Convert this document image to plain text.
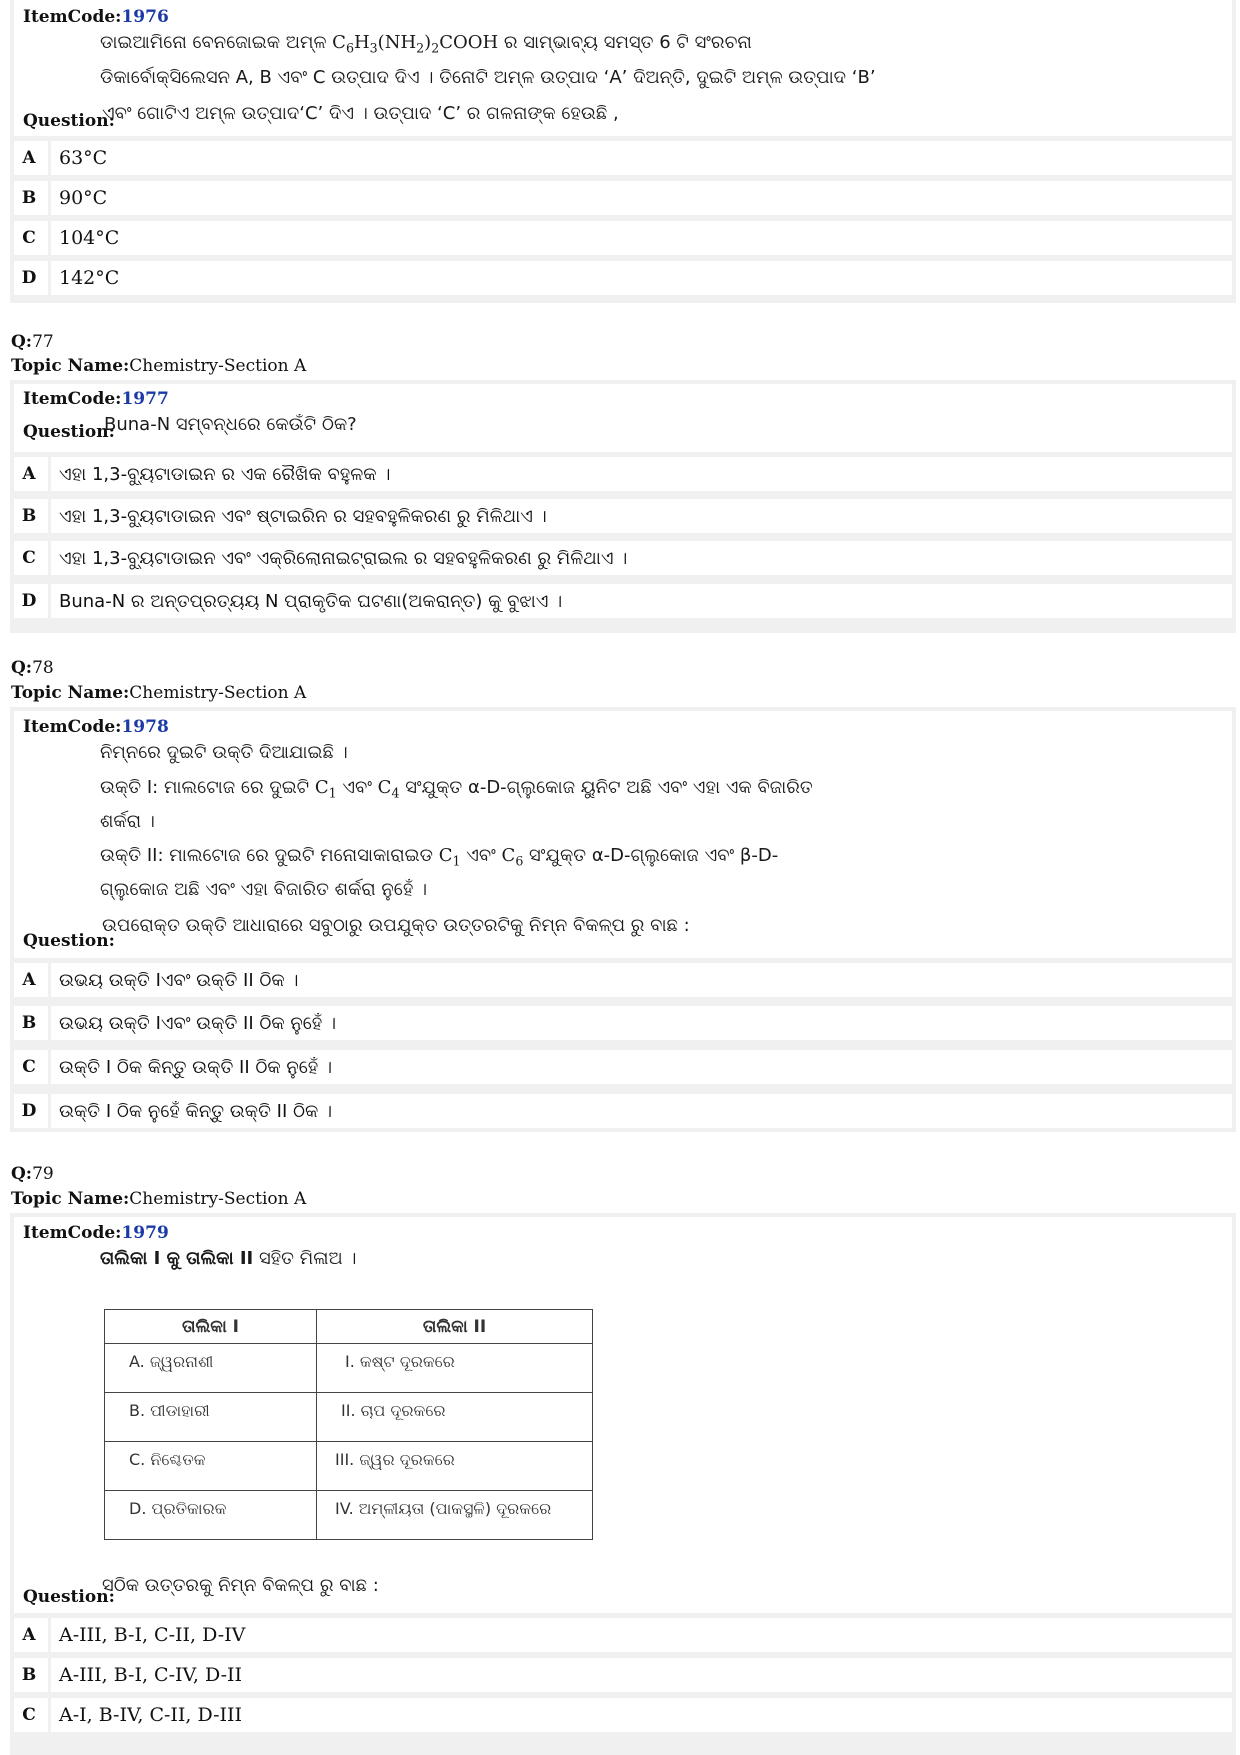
ItemCode:1976
ଡାଇଆମିନୋ ବେନଜୋଇକ ଅମ୍ଳ $C_6H_3(NH_2)_2COOH$ ର ସାମ୍ଭାବ୍ୟ ସମସ୍ତ 6 ଟି ସଂରଚନା
ଡିକାର୍ବୋକ୍ସିଲେସନ A, B ଏବଂ C ଉତ୍ପାଦ ଦିଏ । ତିନୋଟି ଅମ୍ଳ ଉତ୍ପାଦ ‘A’ ଦିଅନ୍ତି, ଦୁଇଟି ଅମ୍ଳ ଉତ୍ପାଦ ‘B’
Question:
ଏବଂ ଗୋଟିଏ ଅମ୍ଳ ଉତ୍ପାଦ‘C’ ଦିଏ । ଉତ୍ପାଦ ‘C’ ର ଗଳନାଙ୍କ ହେଉଛି ,
A	63°C
B	90°C
C	104°C
D	142°C
Q:77
Topic Name:Chemistry-Section A
ItemCode:1977
Question:
Buna-N ସମ୍ବନ୍ଧରେ କେଉଁଟି ଠିକ?
A	ଏହା 1,3-ବ୍ୟୁଟାଡାଇନ ର ଏକ ରୈଖିକ ବହୁଳକ ।
B	ଏହା 1,3-ବ୍ୟୁଟାଡାଇନ ଏବଂ ଷ୍ଟାଇରିନ ର ସହବହୁଳିକରଣ ରୁ ମିଳିଥାଏ ।
C	ଏହା 1,3-ବ୍ୟୁଟାଡାଇନ ଏବଂ ଏକ୍ରିଲୋନାଇଟ୍ରାଇଲ ର ସହବହୁଳିକରଣ ରୁ ମିଳିଥାଏ ।
D	Buna-N ର ଅନ୍ତପ୍ରତ୍ୟୟ N ପ୍ରାକୃତିକ ଘଟଣା(ଅକରାନ୍ତ) କୁ ବୁଝାଏ ।
Q:78
Topic Name:Chemistry-Section A
ItemCode:1978
ନିମ୍ନରେ ଦୁଇଟି ଉକ୍ତି ଦିଆଯାଇଛି ।
ଉକ୍ତି I: ମାଲଟୋଜ ରେ ଦୁଇଟି $C_1$ ଏବଂ $C_4$ ସଂଯୁକ୍ତ α-D-ଗ୍ଲୁକୋଜ ୟୁନିଟ ଅଛି ଏବଂ ଏହା ଏକ ବିଜାରିତ
ଶର୍କରା ।
ଉକ୍ତି II: ମାଲଟୋଜ ରେ ଦୁଇଟି ମନୋସାକାରାଇଡ $C_1$ ଏବଂ $C_6$ ସଂଯୁକ୍ତ α-D-ଗ୍ଲୁକୋଜ ଏବଂ β-D-
ଗ୍ଲୁକୋଜ ଅଛି ଏବଂ ଏହା ବିଜାରିତ ଶର୍କରା ନୁହେଁ ।
Question:
ଉପରୋକ୍ତ ଉକ୍ତି ଆଧାରାରେ ସବୁଠାରୁ ଉପଯୁକ୍ତ ଉତ୍ତରଟିକୁ ନିମ୍ନ ବିକଳ୍ପ ରୁ ବାଛ :
A	ଉଭୟ ଉକ୍ତି Iଏବଂ ଉକ୍ତି II ଠିକ ।
B	ଉଭୟ ଉକ୍ତି Iଏବଂ ଉକ୍ତି II ଠିକ ନୁହେଁ ।
C	ଉକ୍ତି I ଠିକ କିନ୍ତୁ ଉକ୍ତି II ଠିକ ନୁହେଁ ।
D	ଉକ୍ତି I ଠିକ ନୁହେଁ କିନ୍ତୁ ଉକ୍ତି II ଠିକ ।
Q:79
Topic Name:Chemistry-Section A
ItemCode:1979
ତାଲିକା I କୁ ତାଲିକା II ସହିତ ମିଳାଅ ।
ତାଲିକା I	ତାଲିକା II
A. ଜ୍ୱରନାଶୀ	I. କଷ୍ଟ ଦୂରକରେ
B. ପୀଡାହାରୀ	II. ଚାପ ଦୂରକରେ
C. ନିଶ୍ଚେତକ	III. ଜ୍ୱର ଦୂରକରେ
D. ପ୍ରତିକାରକ	IV. ଅମ୍ଳୀୟତା (ପାକସ୍ଥଳି) ଦୂରକରେ
Question:
ସଠିକ ଉତ୍ତରକୁ ନିମ୍ନ ବିକଳ୍ପ ରୁ ବାଛ :
A	A-III, B-I, C-II, D-IV
B	A-III, B-I, C-IV, D-II
C	A-I, B-IV, C-II, D-III
